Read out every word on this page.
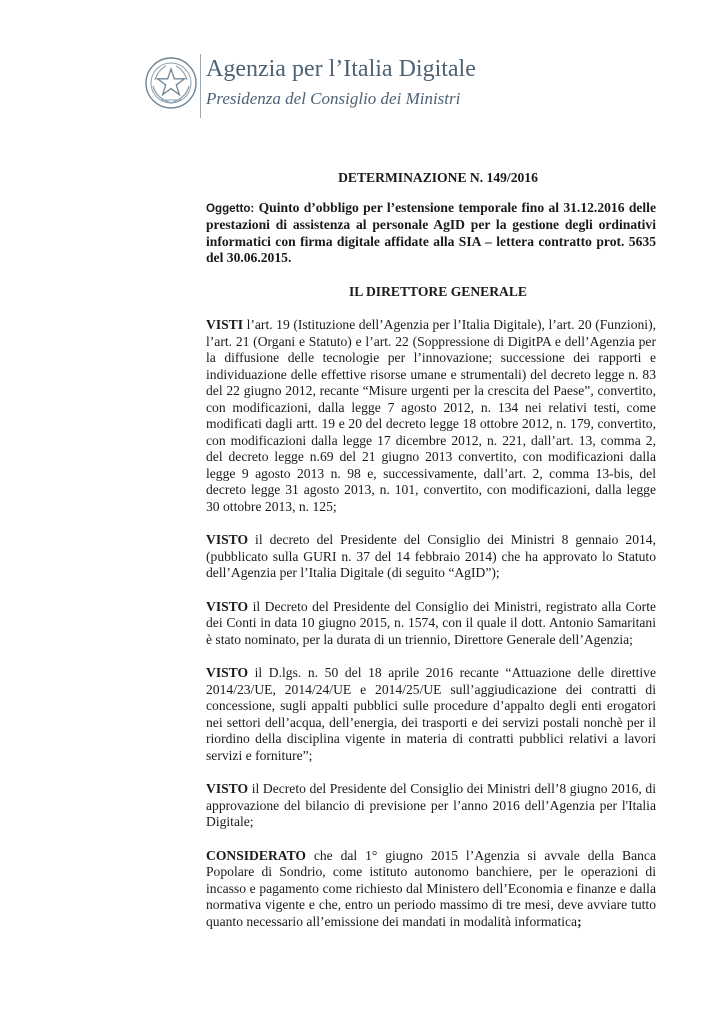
Agenzia per l’Italia Digitale
Presidenza del Consiglio dei Ministri
DETERMINAZIONE N. 149/2016
Oggetto: Quinto d’obbligo per l’estensione temporale fino al 31.12.2016 delle prestazioni di assistenza al personale AgID per la gestione degli ordinativi informatici con firma digitale affidate alla SIA – lettera contratto prot. 5635 del 30.06.2015.
IL DIRETTORE GENERALE
VISTI l’art. 19 (Istituzione dell’Agenzia per l’Italia Digitale), l’art. 20 (Funzioni), l’art. 21 (Organi e Statuto) e l’art. 22 (Soppressione di DigitPA e dell’Agenzia per la diffusione delle tecnologie per l’innovazione; successione dei rapporti e individuazione delle effettive risorse umane e strumentali) del decreto legge n. 83 del 22 giugno 2012, recante “Misure urgenti per la crescita del Paese”, convertito, con modificazioni, dalla legge 7 agosto 2012, n. 134 nei relativi testi, come modificati dagli artt. 19 e 20 del decreto legge 18 ottobre 2012, n. 179, convertito, con modificazioni dalla legge 17 dicembre 2012, n. 221, dall’art. 13, comma 2, del decreto legge n.69 del 21 giugno 2013 convertito, con modificazioni dalla legge 9 agosto 2013 n. 98 e, successivamente, dall’art. 2, comma 13-bis, del decreto legge 31 agosto 2013, n. 101, convertito, con modificazioni, dalla legge 30 ottobre 2013, n. 125;
VISTO il decreto del Presidente del Consiglio dei Ministri 8 gennaio 2014, (pubblicato sulla GURI n. 37 del 14 febbraio 2014) che ha approvato lo Statuto dell’Agenzia per l’Italia Digitale (di seguito “AgID”);
VISTO il Decreto del Presidente del Consiglio dei Ministri, registrato alla Corte dei Conti in data 10 giugno 2015, n. 1574, con il quale il dott. Antonio Samaritani è stato nominato, per la durata di un triennio, Direttore Generale dell’Agenzia;
VISTO il D.lgs. n. 50 del 18 aprile 2016 recante “Attuazione delle direttive 2014/23/UE, 2014/24/UE e 2014/25/UE sull’aggiudicazione dei contratti di concessione, sugli appalti pubblici sulle procedure d’appalto degli enti erogatori nei settori dell’acqua, dell’energia, dei trasporti e dei servizi postali nonchè per il riordino della disciplina vigente in materia di contratti pubblici relativi a lavori servizi e forniture”;
VISTO il Decreto del Presidente del Consiglio dei Ministri dell’8 giugno 2016, di approvazione del bilancio di previsione per l’anno 2016 dell’Agenzia per l'Italia Digitale;
CONSIDERATO che dal 1° giugno 2015 l’Agenzia si avvale della Banca Popolare di Sondrio, come istituto autonomo banchiere, per le operazioni di incasso e pagamento come richiesto dal Ministero dell’Economia e finanze e dalla normativa vigente e che, entro un periodo massimo di tre mesi, deve avviare tutto quanto necessario all’emissione dei mandati in modalità informatica;
